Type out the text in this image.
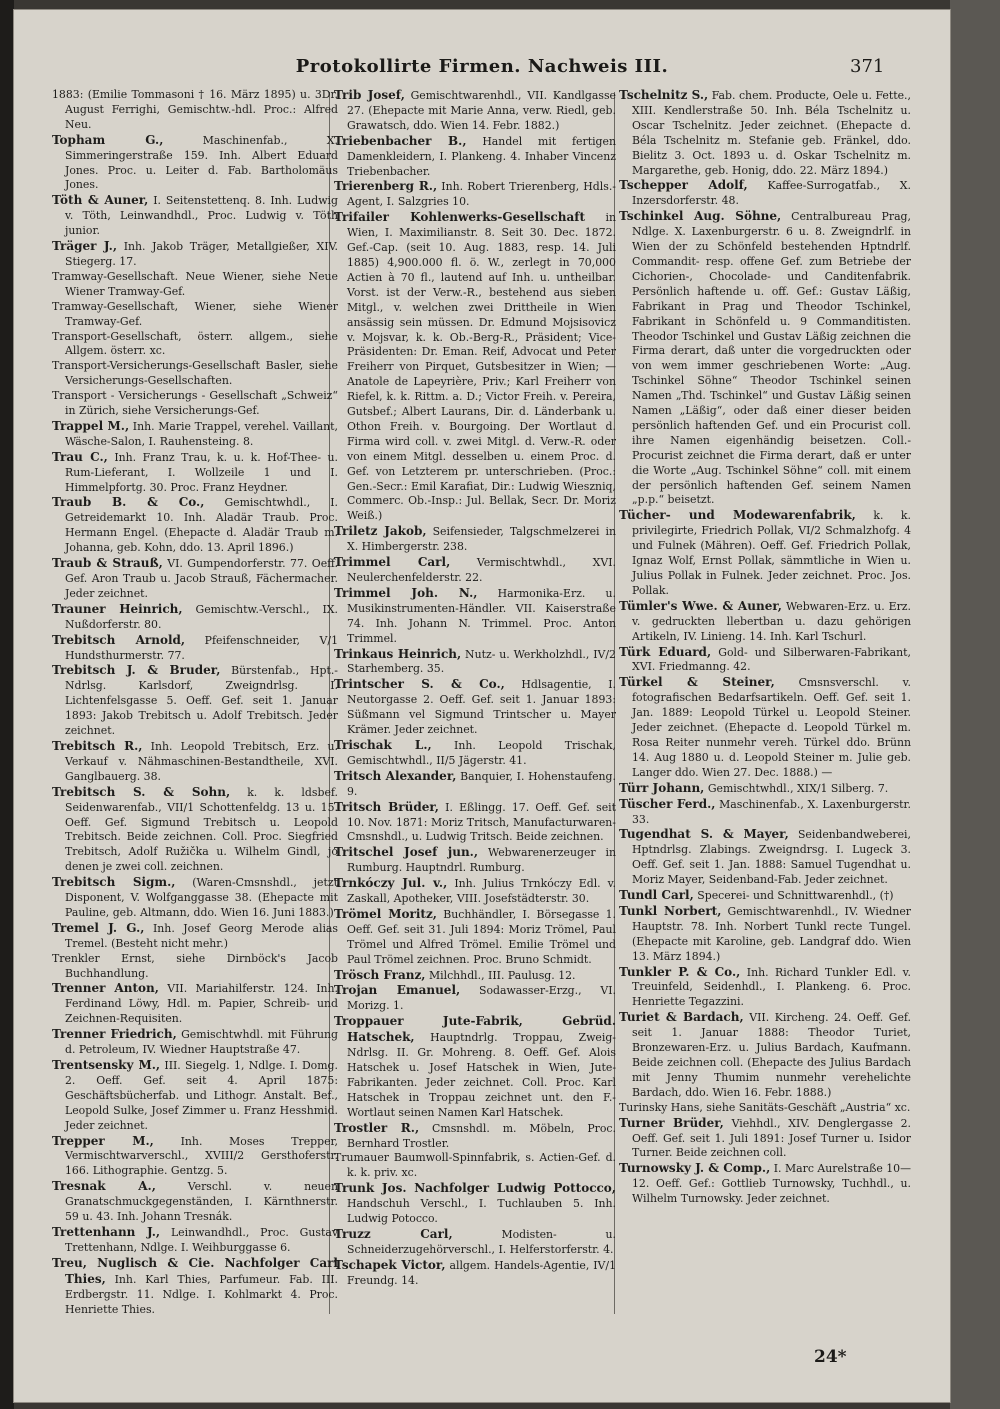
Protokollirte Firmen. Nachweis III.	371

1883: (Emilie Tommasoni † 16. März 1895) u. 3Dr. August Ferrighi, Gemischtw.-hdl. Proc.: Alfred Neu.

Topham G.,	Maschinenfab., X. Simmeringerstraße 159. Inh. Albert Eduard Jones. Proc. u. Leiter d. Fab. Bartholomäus Jones.

Töth & Auner, I. Seitenstettenq. 8. Inh. Ludwig v. Töth, Leinwandhdl., Proc. Ludwig v. Töth junior.

Träger J., Inh. Jakob Träger, Metallgießer, XIV. Stiegerg. 17.

Tramway-Gesellschaft. Neue Wiener, siehe Neue Wiener Tramway-Gef.

Tramway-Gesellschaft, Wiener, siehe Wiener Tramway-Gef.

Transport-Gesellschaft, österr. allgem., siehe Allgem. österr. xc.

Transport-Versicherungs-Gesellschaft Basler, siehe Versicherungs-Gesellschaften.

Transport - Versicherungs - Gesellschaft „Schweiz“ in Zürich, siehe Versicherungs-Gef.

Trappel M., Inh. Marie Trappel, verehel. Vaillant, Wäsche-Salon, I. Rauhensteing. 8.

Trau C., Inh. Franz Trau, k. u. k. Hof-Thee- u. Rum-Lieferant, I. Wollzeile 1 und I. Himmelpfortg. 30. Proc. Franz Heydner.

Traub B. & Co., Gemischtwhdl., I. Getreidemarkt 10. Inh. Aladär Traub. Proc. Hermann Engel. (Ehepacte d. Aladär Traub m. Johanna, geb. Kohn, ddo. 13. April 1896.)

Traub & Strauß, VI. Gumpendorferstr. 77. Oeff. Gef. Aron Traub u. Jacob Strauß, Fächermacher. Jeder zeichnet.

Trauner Heinrich, Gemischtw.-Verschl., IX. Nußdorferstr. 80.

Trebitsch Arnold, Pfeifenschneider, V/1 Hundsthurmerstr. 77.

Trebitsch J. & Bruder, Bürstenfab., Hpt.-Ndrlsg. Karlsdorf, Zweigndrlsg. I. Lichtenfelsgasse 5. Oeff. Gef. seit 1. Januar 1893: Jakob Trebitsch u. Adolf Trebitsch. Jeder zeichnet.

Trebitsch R., Inh. Leopold Trebitsch, Erz. u. Verkauf v. Nähmaschinen-Bestandtheile, XVI. Ganglbauerg. 38.

Trebitsch S. & Sohn, k. k. ldsbef. Seidenwarenfab., VII/1 Schottenfeldg. 13 u. 15. Oeff. Gef. Sigmund Trebitsch u. Leopold Trebitsch. Beide zeichnen. Coll. Proc. Siegfried Trebitsch, Adolf Ružička u. Wilhelm Gindl, jo denen je zwei coll. zeichnen.

Trebitsch Sigm., (Waren-Cmsnshdl., jetzt Disponent, V. Wolfganggasse 38. (Ehepacte mit Pauline, geb. Altmann, ddo. Wien 16. Juni 1883.)

Tremel J. G., Inh. Josef Georg Merode alias Tremel. (Besteht nicht mehr.)

Trenkler Ernst, siehe Dirnböck's Jacob Buchhandlung.

Trenner Anton, VII. Mariahilferstr. 124. Inh. Ferdinand Löwy, Hdl. m. Papier, Schreib- und Zeichnen-Requisiten.

Trenner Friedrich, Gemischtwhdl. mit Führung d. Petroleum, IV. Wiedner Hauptstraße 47.

Trentsensky M., III. Siegelg. 1, Ndlge. I. Domg. 2. Oeff. Gef. seit 4. April 1875: Geschäftsbücherfab. und Lithogr. Anstalt. Bef., Leopold Sulke, Josef Zimmer u. Franz Hesshmid. Jeder zeichnet.

Trepper M., Inh. Moses Trepper, Vermischtwarverschl., XVIII/2 Gersthoferstr. 166. Lithographie. Gentzg. 5.

Tresnak A.,	Verschl. v. neuen Granatschmuckgegenständen, I. Kärnthnerstr. 59 u. 43. Inh. Johann Tresnák.

Trettenhann J., Leinwandhdl., Proc. Gustav Trettenhann, Ndlge. I. Weihburggasse 6.

Treu, Nuglisch & Cie. Nachfolger Carl Thies, Inh. Karl Thies, Parfumeur. Fab. III. Erdbergstr. 11. Ndlge. I. Kohlmarkt 4. Proc. Henriette Thies.

Trib Josef, Gemischtwarenhdl., VII. Kandlgasse 27. (Ehepacte mit Marie Anna, verw. Riedl, geb. Grawatsch, ddo. Wien 14. Febr. 1882.)

Triebenbacher B., Handel mit fertigen Damenkleidern, I. Plankeng. 4. Inhaber Vincenz Triebenbacher.

Trierenberg R., Inh. Robert Trierenberg, Hdls.-Agent, I. Salzgries 10.

Trifailer Kohlenwerks-Gesellschaft in Wien, I. Maximilianstr. 8. Seit 30. Dec. 1872. Gef.-Cap. (seit 10. Aug. 1883, resp. 14. Juli 1885) 4,900.000 fl. ö. W., zerlegt in 70,000 Actien à 70 fl., lautend auf Inh. u. untheilbar. Vorst. ist der Verw.-R., bestehend aus sieben Mitgl., v. welchen zwei Drittheile in Wien ansässig sein müssen. Dr. Edmund Mojsisovicz v. Mojsvar, k. k. Ob.-Berg-R., Präsident; Vice-Präsidenten: Dr. Eman. Reif, Advocat und Peter Freiherr von Pirquet, Gutsbesitzer in Wien; — Anatole de Lapeyrière, Priv.; Karl Freiherr von Riefel, k. k. Rittm. a. D.; Victor Freih. v. Pereira, Gutsbef.; Albert Laurans, Dir. d. Länderbank u. Othon Freih. v. Bourgoing. Der Wortlaut d. Firma wird coll. v. zwei Mitgl. d. Verw.-R. oder von einem Mitgl. desselben u. einem Proc. d. Gef. von Letzterem pr. unterschrieben. (Proc.: Gen.-Secr.: Emil Karafiat, Dir.: Ludwig Wieszniq, Commerc. Ob.-Insp.: Jul. Bellak, Secr. Dr. Moriz Weiß.)

Triletz Jakob, Seifensieder, Talgschmelzerei in X. Himbergerstr. 238.

Trimmel Carl, Vermischtwhdl., XVI. Neulerchenfelderstr. 22.

Trimmel Joh. N., Harmonika-Erz. u. Musikinstrumenten-Händler. VII. Kaiserstraße 74. Inh. Johann N. Trimmel. Proc. Anton Trimmel.

Trinkaus Heinrich, Nutz- u. Werkholzhdl., IV/2 Starhemberg. 35.

Trintscher S. & Co., Hdlsagentie, I. Neutorgasse 2. Oeff. Gef. seit 1. Januar 1893: Süßmann vel Sigmund Trintscher u. Mayer Krämer. Jeder zeichnet.

Trischak L., Inh. Leopold Trischak, Gemischtwhdl., II/5 Jägerstr. 41.

Tritsch Alexander, Banquier, I. Hohenstaufeng. 9.

Tritsch Brüder, I. Eßlingg. 17. Oeff. Gef. seit 10. Nov. 1871: Moriz Tritsch, Manufacturwaren-Cmsnshdl., u. Ludwig Tritsch. Beide zeichnen.

Tritschel Josef jun., Webwarenerzeuger in Rumburg. Hauptndrl. Rumburg.

Trnkóczy Jul. v., Inh. Julius Trnkóczy Edl. v. Zaskall, Apotheker, VIII. Josefstädterstr. 30.

Trömel Moritz, Buchhändler, I. Börsegasse 1. Oeff. Gef. seit 31. Juli 1894: Moriz Trömel, Paul Trömel und Alfred Trömel. Emilie Trömel und Paul Trömel zeichnen. Proc. Bruno Schmidt.

Trösch Franz, Milchhdl., III. Paulusg. 12.

Trojan Emanuel, Sodawasser-Erzg., VI. Morizg. 1.

Troppauer Jute-Fabrik, Gebrüd. Hatschek, Hauptndrlg. Troppau, Zweig-Ndrlsg. II. Gr. Mohreng. 8. Oeff. Gef. Alois Hatschek u. Josef Hatschek in Wien, Jute-Fabrikanten. Jeder zeichnet. Coll. Proc. Karl Hatschek in Troppau zeichnet unt. den F.-Wortlaut seinen Namen Karl Hatschek.

Trostler R., Cmsnshdl. m. Möbeln, Proc. Bernhard Trostler.

Trumauer Baumwoll-Spinnfabrik, s. Actien-Gef. d. k. k. priv. xc.

Trunk Jos. Nachfolger Ludwig Pottocco, Handschuh Verschl., I. Tuchlauben 5. Inh. Ludwig Potocco.

Truzz Carl,	Modisten- u. Schneiderzugehörverschl., I. Helferstorferstr. 4.

Tschapek Victor, allgem. Handels-Agentie, IV/1 Freundg. 14.

Tschelnitz S., Fab. chem. Producte, Oele u. Fette., XIII. Kendlerstraße 50. Inh. Béla Tschelnitz u. Oscar Tschelnitz. Jeder zeichnet. (Ehepacte d. Béla Tschelnitz m. Stefanie geb. Fränkel, ddo. Bielitz 3. Oct. 1893 u. d. Oskar Tschelnitz m. Margarethe, geb. Honig, ddo. 22. März 1894.)

Tschepper Adolf, Kaffee-Surrogatfab., X. Inzersdorferstr. 48.

Tschinkel Aug. Söhne, Centralbureau Prag, Ndlge. X. Laxenburgerstr. 6 u. 8. Zweigndrlf. in Wien der zu Schönfeld bestehenden Hptndrlf. Commandit- resp. offene Gef. zum Betriebe der Cichorien-, Chocolade- und Canditenfabrik. Persönlich haftende u. off. Gef.: Gustav Läßig, Fabrikant in Prag und Theodor Tschinkel, Fabrikant in Schönfeld u. 9 Commanditisten. Theodor Tschinkel und Gustav Läßig zeichnen die Firma derart, daß unter die vorgedruckten oder von wem immer geschriebenen Worte: „Aug. Tschinkel Söhne“ Theodor Tschinkel seinen Namen „Thd. Tschinkel“ und Gustav Läßig seinen Namen „Läßig“, oder daß einer dieser beiden persönlich haftenden Gef. und ein Procurist coll. ihre Namen eigenhändig beisetzen. Coll.-Procurist zeichnet die Firma derart, daß er unter die Worte „Aug. Tschinkel Söhne“ coll. mit einem der persönlich haftenden Gef. seinem Namen „p.p.“ beisetzt.

Tücher- und Modewarenfabrik, k. k. privilegirte, Friedrich Pollak, VI/2 Schmalzhofg. 4 und Fulnek (Mähren). Oeff. Gef. Friedrich Pollak, Ignaz Wolf, Ernst Pollak, sämmtliche in Wien u. Julius Pollak in Fulnek. Jeder zeichnet. Proc. Jos. Pollak.

Tümler's Wwe. & Auner, Webwaren-Erz. u. Erz. v. gedruckten llebertban u. dazu gehörigen Artikeln, IV. Linieng. 14. Inh. Karl Tschurl.

Türk Eduard, Gold- und Silberwaren-Fabrikant, XVI. Friedmanng. 42.

Türkel & Steiner, Cmsnsverschl. v. fotografischen Bedarfsartikeln. Oeff. Gef. seit 1. Jan. 1889: Leopold Türkel u. Leopold Steiner. Jeder zeichnet. (Ehepacte d. Leopold Türkel m. Rosa Reiter nunmehr vereh. Türkel ddo. Brünn 14. Aug 1880 u. d. Leopold Steiner m. Julie geb. Langer ddo. Wien 27. Dec. 1888.) —

Türr Johann, Gemischtwhdl., XIX/1 Silberg. 7.

Tüscher Ferd., Maschinenfab., X. Laxenburgerstr. 33.

Tugendhat S. & Mayer, Seidenbandweberei, Hptndrlsg. Zlabings. Zweigndrsg. I. Lugeck 3. Oeff. Gef. seit 1. Jan. 1888: Samuel Tugendhat u. Moriz Mayer, Seidenband-Fab. Jeder zeichnet.

Tundl Carl, Specerei- und Schnittwarenhdl., (†)

Tunkl Norbert, Gemischtwarenhdl., IV. Wiedner Hauptstr. 78. Inh. Norbert Tunkl recte Tungel. (Ehepacte mit Karoline, geb. Landgraf ddo. Wien 13. März 1894.)

Tunkler P. & Co., Inh. Richard Tunkler Edl. v. Treuinfeld, Seidenhdl., I. Plankeng. 6. Proc. Henriette Tegazzini.

Turiet & Bardach, VII. Kircheng. 24. Oeff. Gef. seit 1. Januar 1888: Theodor Turiet, Bronzewaren-Erz. u. Julius Bardach, Kaufmann. Beide zeichnen coll. (Ehepacte des Julius Bardach mit Jenny Thumim nunmehr verehelichte Bardach, ddo. Wien 16. Febr. 1888.)

Turinsky Hans, siehe Sanitäts-Geschäft „Austria“ xc.

Turner Brüder, Viehhdl., XIV. Denglergasse 2. Oeff. Gef. seit 1. Juli 1891: Josef Turner u. Isidor Turner. Beide zeichnen coll.

Turnowsky J. & Comp., I. Marc Aurelstraße 10—12. Oeff. Gef.: Gottlieb Turnowsky, Tuchhdl., u. Wilhelm Turnowsky. Jeder zeichnet.

24*
